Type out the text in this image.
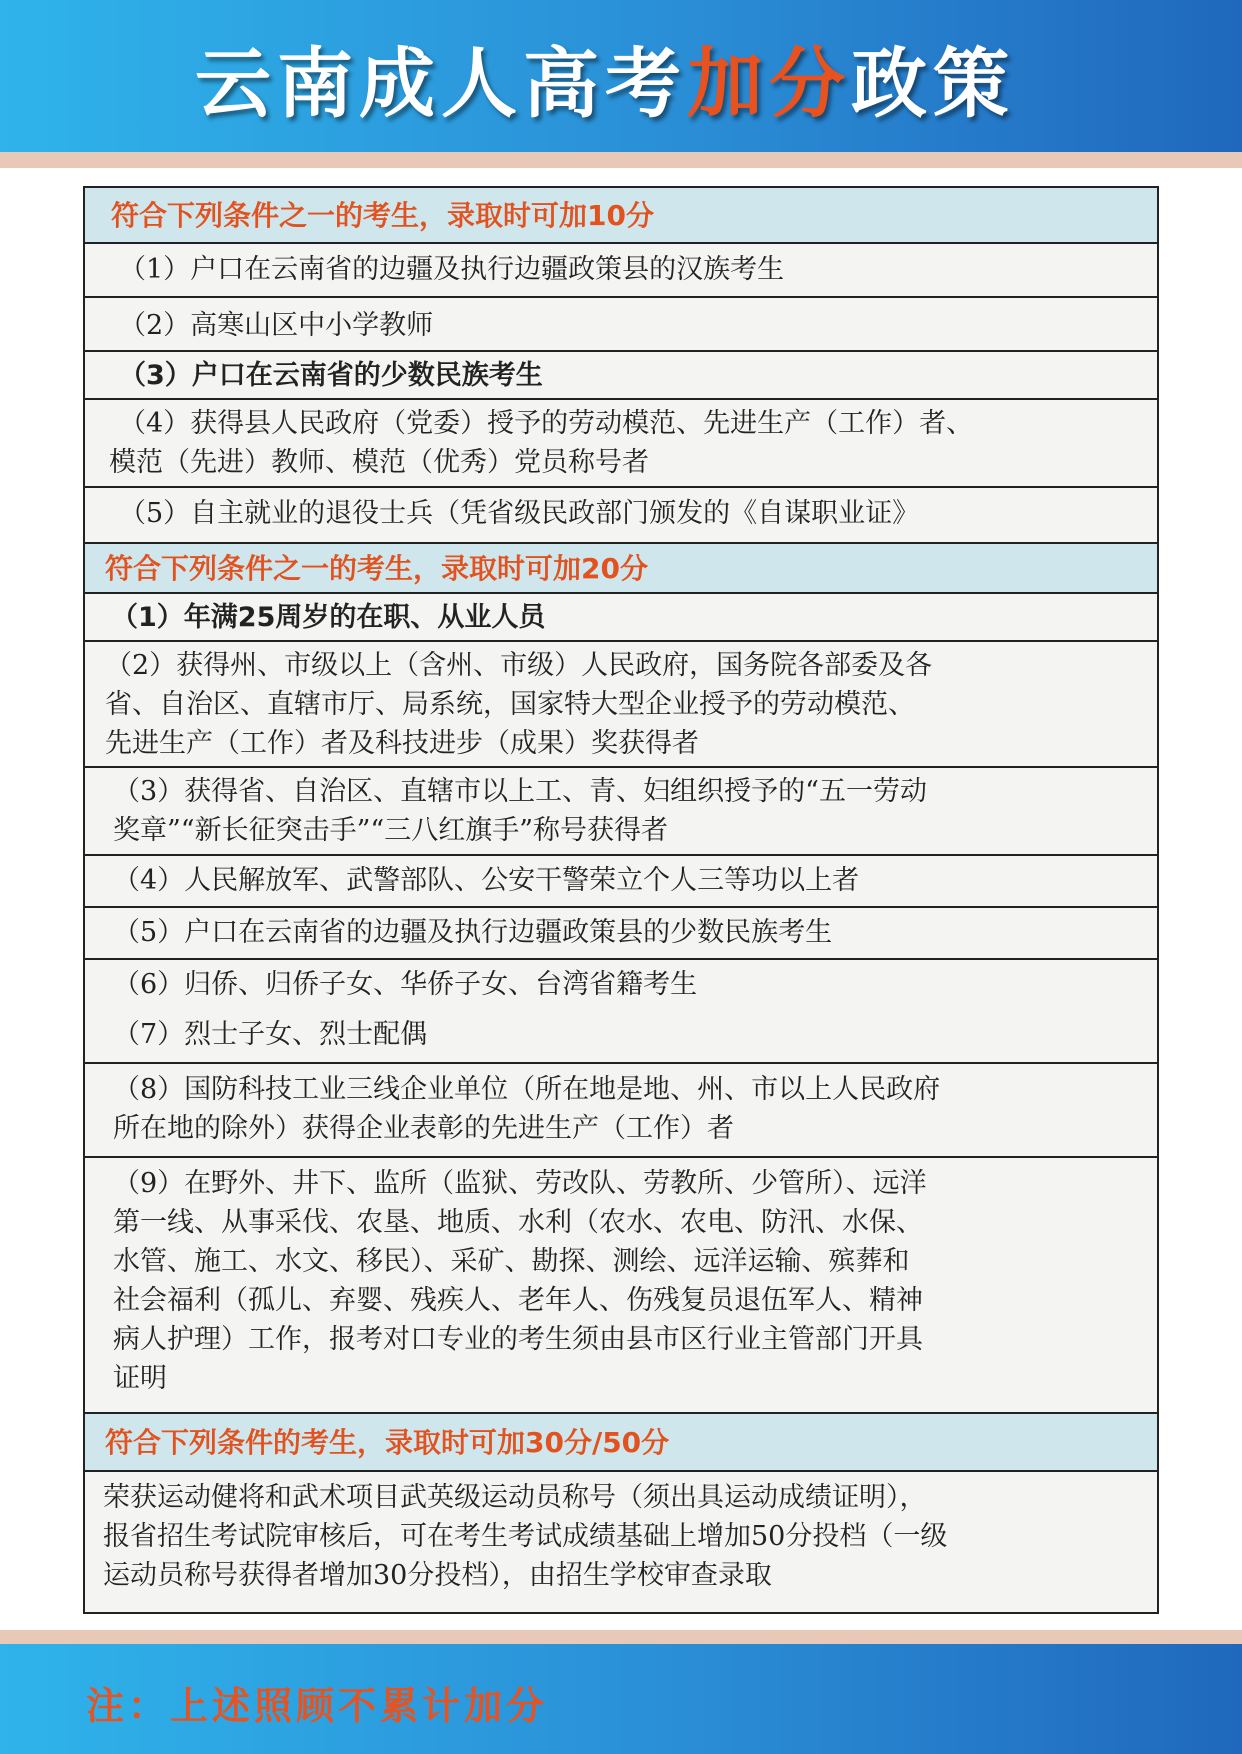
云南成人高考加分政策
符合下列条件之一的考生，录取时可加10分
（1）户口在云南省的边疆及执行边疆政策县的汉族考生
（2）高寒山区中小学教师
（3）户口在云南省的少数民族考生
（4）获得县人民政府（党委）授予的劳动模范、先进生产（工作）者、
模范（先进）教师、模范（优秀）党员称号者
（5）自主就业的退役士兵（凭省级民政部门颁发的《自谋职业证》
符合下列条件之一的考生，录取时可加20分
（1）年满25周岁的在职、从业人员
（2）获得州、市级以上（含州、市级）人民政府，国务院各部委及各
省、自治区、直辖市厅、局系统，国家特大型企业授予的劳动模范、
先进生产（工作）者及科技进步（成果）奖获得者
（3）获得省、自治区、直辖市以上工、青、妇组织授予的“五一劳动
奖章”“新长征突击手”“三八红旗手”称号获得者
（4）人民解放军、武警部队、公安干警荣立个人三等功以上者
（5）户口在云南省的边疆及执行边疆政策县的少数民族考生
（6）归侨、归侨子女、华侨子女、台湾省籍考生
（7）烈士子女、烈士配偶
（8）国防科技工业三线企业单位（所在地是地、州、市以上人民政府
所在地的除外）获得企业表彰的先进生产（工作）者
（9）在野外、井下、监所（监狱、劳改队、劳教所、少管所）、远洋
第一线、从事采伐、农垦、地质、水利（农水、农电、防汛、水保、
水管、施工、水文、移民）、采矿、勘探、测绘、远洋运输、殡葬和
社会福利（孤儿、弃婴、残疾人、老年人、伤残复员退伍军人、精神
病人护理）工作，报考对口专业的考生须由县市区行业主管部门开具
证明
符合下列条件的考生，录取时可加30分/50分
荣获运动健将和武术项目武英级运动员称号（须出具运动成绩证明），
报省招生考试院审核后，可在考生考试成绩基础上增加50分投档（一级
运动员称号获得者增加30分投档），由招生学校审查录取
注：上述照顾不累计加分
